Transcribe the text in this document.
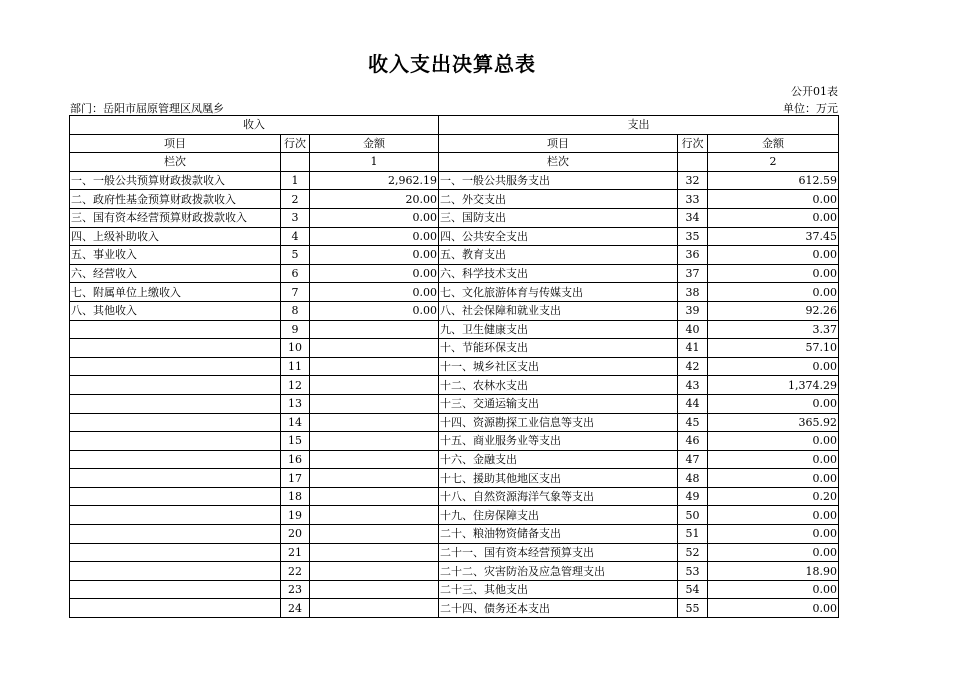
收入支出决算总表
公开01表
部门：岳阳市屈原管理区凤凰乡	单位：万元
收入			支出		
项目	行次	金额	项目	行次	金额
栏次		1	栏次		2
一、一般公共预算财政拨款收入	1	2,962.19	一、一般公共服务支出	32	612.59
二、政府性基金预算财政拨款收入	2	20.00	二、外交支出	33	0.00
三、国有资本经营预算财政拨款收入	3	0.00	三、国防支出	34	0.00
四、上级补助收入	4	0.00	四、公共安全支出	35	37.45
五、事业收入	5	0.00	五、教育支出	36	0.00
六、经营收入	6	0.00	六、科学技术支出	37	0.00
七、附属单位上缴收入	7	0.00	七、文化旅游体育与传媒支出	38	0.00
八、其他收入	8	0.00	八、社会保障和就业支出	39	92.26
	9		九、卫生健康支出	40	3.37
	10		十、节能环保支出	41	57.10
	11		十一、城乡社区支出	42	0.00
	12		十二、农林水支出	43	1,374.29
	13		十三、交通运输支出	44	0.00
	14		十四、资源勘探工业信息等支出	45	365.92
	15		十五、商业服务业等支出	46	0.00
	16		十六、金融支出	47	0.00
	17		十七、援助其他地区支出	48	0.00
	18		十八、自然资源海洋气象等支出	49	0.20
	19		十九、住房保障支出	50	0.00
	20		二十、粮油物资储备支出	51	0.00
	21		二十一、国有资本经营预算支出	52	0.00
	22		二十二、灾害防治及应急管理支出	53	18.90
	23		二十三、其他支出	54	0.00
	24		二十四、债务还本支出	55	0.00
